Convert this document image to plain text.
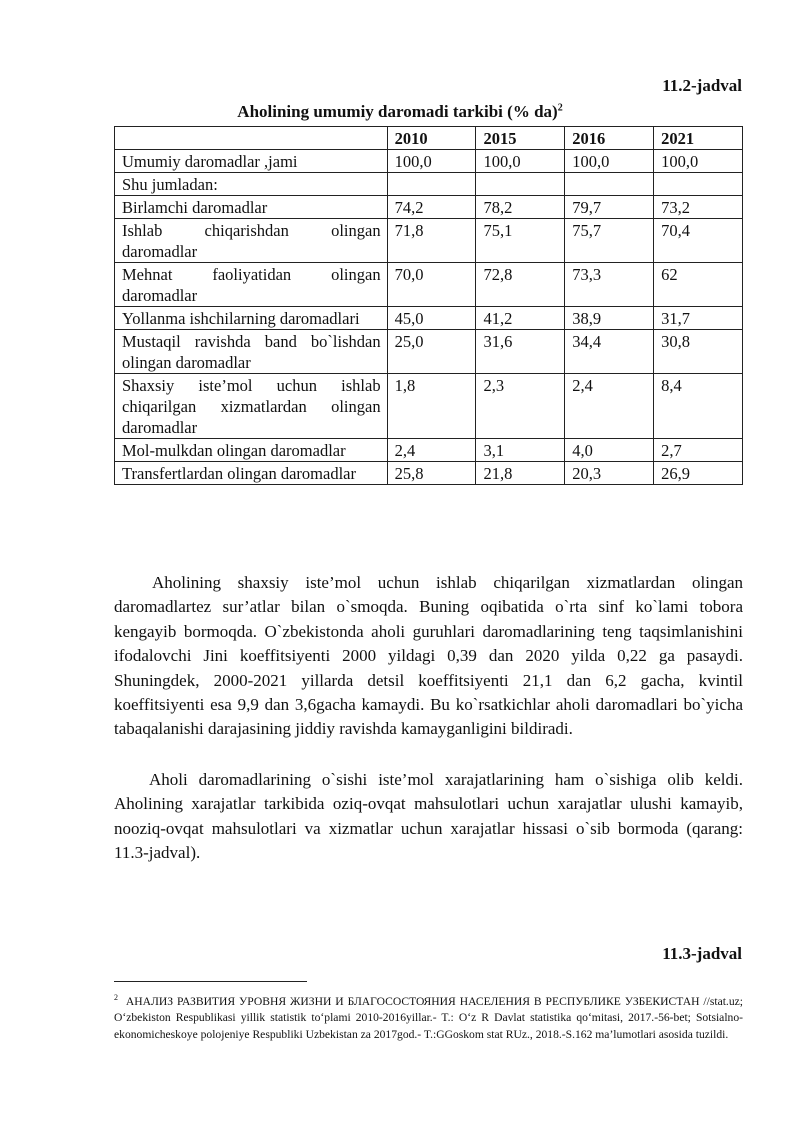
11.2-jadval
Aholining umumiy daromadi tarkibi (% da)$^2$
	2010	2015	2016	2021
Umumiy daromadlar ,jami	100,0	100,0	100,0	100,0
Shu jumladan:				
Birlamchi daromadlar	74,2	78,2	79,7	73,2
Ishlab chiqarishdan olingan daromadlar	71,8	75,1	75,7	70,4
Mehnat faoliyatidan olingan daromadlar	70,0	72,8	73,3	62
Yollanma ishchilarning daromadlari	45,0	41,2	38,9	31,7
Mustaqil ravishda band bo`lishdan olingan daromadlar	25,0	31,6	34,4	30,8
Shaxsiy iste’mol uchun ishlab chiqarilgan xizmatlardan olingan daromadlar	1,8	2,3	2,4	8,4
Mol-mulkdan olingan daromadlar	2,4	3,1	4,0	2,7
Transfertlardan olingan daromadlar	25,8	21,8	20,3	26,9
Aholining shaxsiy iste’mol uchun ishlab chiqarilgan xizmatlardan olingan daromadlartez sur’atlar bilan o`smoqda. Buning oqibatida o`rta sinf ko`lami tobora kengayib bormoqda. O`zbekistonda aholi guruhlari daromadlarining teng taqsimlanishini ifodalovchi Jini koeffitsiyenti 2000 yildagi 0,39 dan 2020 yilda 0,22 ga pasaydi. Shuningdek, 2000-2021 yillarda detsil koeffitsiyenti 21,1 dan 6,2 gacha, kvintil koeffitsiyenti esa 9,9 dan 3,6gacha kamaydi. Bu ko`rsatkichlar aholi daromadlari bo`yicha tabaqalanishi darajasining jiddiy ravishda kamayganligini bildiradi.
Aholi daromadlarining o`sishi iste’mol xarajatlarining ham o`sishiga olib keldi. Aholining xarajatlar tarkibida oziq-ovqat mahsulotlari uchun xarajatlar ulushi kamayib, nooziq-ovqat mahsulotlari va xizmatlar uchun xarajatlar hissasi o`sib bormoda (qarang: 11.3-jadval).
11.3-jadval
$^2$ АНАЛИЗ РАЗВИТИЯ УРОВНЯ ЖИЗНИ И БЛАГОСОСТОЯНИЯ НАСЕЛЕНИЯ В РЕСПУБЛИКЕ УЗБЕКИСТАН //stat.uz; O‘zbekiston Respublikasi yillik statistik to‘plami 2010-2016yillar.- T.: O‘z R Davlat statistika qo‘mitasi, 2017.-56-bet; Sotsialno-ekonomicheskoye polojeniye Respubliki Uzbekistan za 2017god.- T.:GGoskom stat RUz., 2018.-S.162 ma’lumotlari asosida tuzildi.
